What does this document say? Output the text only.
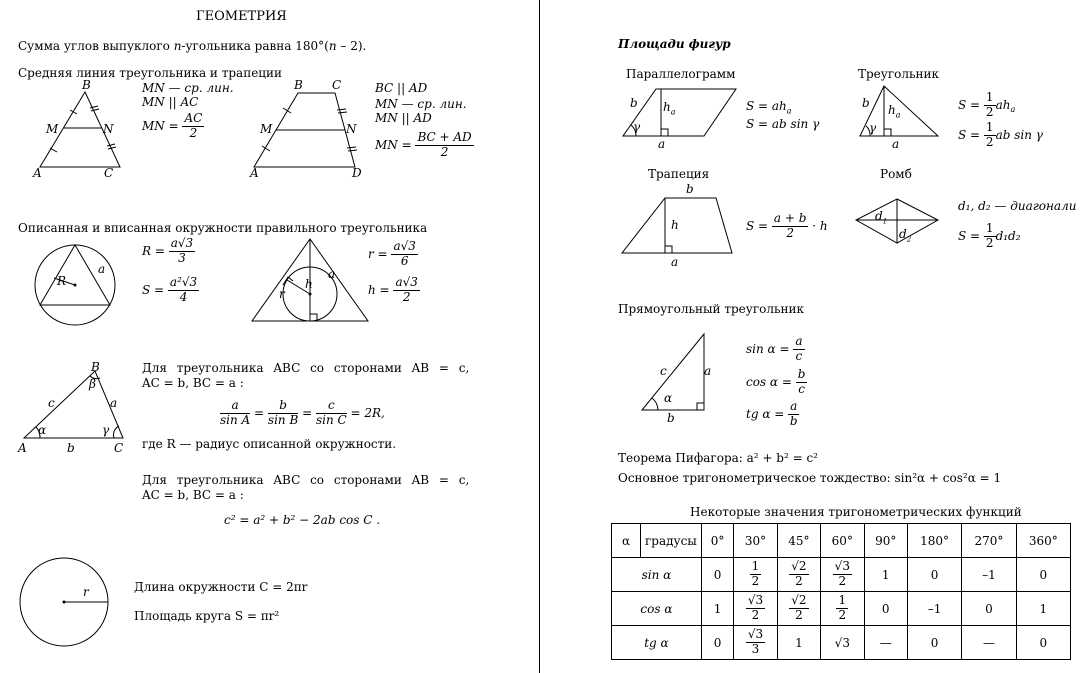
ГЕОМЕТРИЯ
Сумма углов выпуклого n-угольника равна 180°(n – 2).
Средняя линия треугольника и трапеции
B
M	N
A	C
MN — ср. лин.
MN || AC
MN = $\frac{AC}{2}$
B C
M	N
A	D
BC || AD
MN — ср. лин.
MN || AD
MN = $\frac{BC + AD}{2}$
Описанная и вписанная окружности правильного треугольника
R
a
$R = \frac{a√3}{3}$
$S = \frac{\text{a²√3}}{4}$	r
h
a
$r = \frac{a√3}{6}$
$h = \frac{a√3}{2}$
B
c	a
β
α	γ
A	b	C
Для треугольника ABC со сторонами AB = c,
AC = b, BC = a :
$\frac{a}{\text{sin A}} = \frac{b}{\text{sin B}} = \frac{c}{\text{sin C}} = 2R$,
где R — радиус описанной окружности.
Для треугольника ABC со сторонами AB = c,
AC = b, BC = a :
c² = a² + b² − 2ab cos C .
r	Длина окружности C = 2πr
Площадь круга S = πr²
Площади фигур
Параллелограмм
b $h_a$
γ
a
$S = ah_a$
S = ab sin γ
Треугольник
b $h_a$
γ
a
$S = \frac{1}{2} ah_a$
$S = \frac{1}{2}$ ab sin γ
Трапеция
b
h
a
$S = \frac{a + b}{2} \cdot h$
Ромб
$d_1$
$d_2$
d₁, d₂ — диагонали
$S = \frac{1}{2} d_1d_2$
Прямоугольный треугольник
c	a
α
b
$\sin \alpha = \frac{a}{c}$
$\cos \alpha = \frac{b}{c}$
tg $\alpha = \frac{a}{b}$
Теорема Пифагора: a² + b² = c²
Основное тригонометрическое тождество: sin²α + cos²α = 1
Некоторые значения тригонометрических функций
α	градусы	0°	30°	45°	60°	90°	180°	270°	360°
sin α		0	$\frac{1}{2}$	$\frac{√2}{2}$	$\frac{√3}{2}$	1	0	–1	0
cos α		1	$\frac{√3}{2}$	$\frac{√2}{2}$	$\frac{1}{2}$	0	–1	0	1
tg α		0	$\frac{√3}{3}$	1	√3	—	0	—	0
